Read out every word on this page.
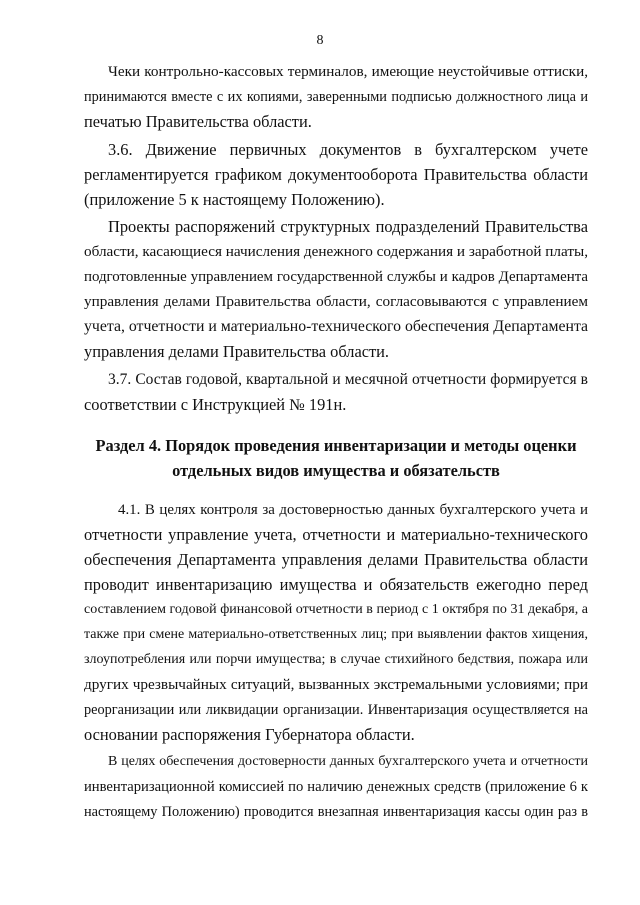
8
Чеки контрольно-кассовых терминалов, имеющие неустойчивые оттиски,
принимаются вместе с их копиями, заверенными подписью должностного лица и
печатью Правительства области.
3.6. Движение первичных документов в бухгалтерском учете
регламентируется графиком документооборота Правительства области
(приложение 5 к настоящему Положению).
Проекты распоряжений структурных подразделений Правительства
области, касающиеся начисления денежного содержания и заработной платы,
подготовленные управлением государственной службы и кадров Департамента
управления делами Правительства области, согласовываются с управлением
учета, отчетности и материально-технического обеспечения Департамента
управления делами Правительства области.
3.7. Состав годовой, квартальной и месячной отчетности формируется в
соответствии с Инструкцией № 191н.
Раздел 4. Порядок проведения инвентаризации и методы оценки
отдельных видов имущества и обязательств
4.1. В целях контроля за достоверностью данных бухгалтерского учета и
отчетности управление учета, отчетности и материально-технического
обеспечения Департамента управления делами Правительства области
проводит инвентаризацию имущества и обязательств ежегодно перед
составлением годовой финансовой отчетности в период с 1 октября по 31 декабря, а
также при смене материально-ответственных лиц; при выявлении фактов хищения,
злоупотребления или порчи имущества; в случае стихийного бедствия, пожара или
других чрезвычайных ситуаций, вызванных экстремальными условиями; при
реорганизации или ликвидации организации. Инвентаризация осуществляется на
основании распоряжения Губернатора области.
В целях обеспечения достоверности данных бухгалтерского учета и отчетности
инвентаризационной комиссией по наличию денежных средств (приложение 6 к
настоящему Положению) проводится внезапная инвентаризация кассы один раз в
